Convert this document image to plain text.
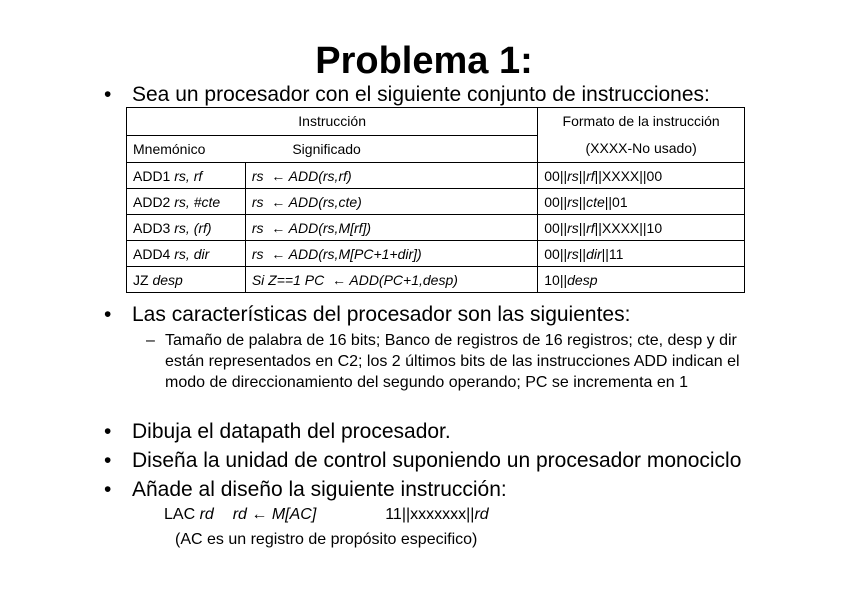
Problema 1:
• Sea un procesador con el siguiente conjunto de instrucciones:
Instrucción		Formato de la instrucción
(XXXX-No usado)
Mnemónico	Significado	
ADD1 rs, rf	rs ← ADD(rs,rf)	00||rs||rf||XXXX||00
ADD2 rs, #cte	rs ← ADD(rs,cte)	00||rs||cte||01
ADD3 rs, (rf)	rs ← ADD(rs,M[rf])	00||rs||rf||XXXX||10
ADD4 rs, dir	rs ← ADD(rs,M[PC+1+dir])	00||rs||dir||11
JZ desp	Si Z==1 PC ← ADD(PC+1,desp)	10||desp
• Las características del procesador son las siguientes:
– Tamaño de palabra de 16 bits; Banco de registros de 16 registros; cte, desp y dir están representados en C2; los 2 últimos bits de las instrucciones ADD indican el modo de direccionamiento del segundo operando; PC se incrementa en 1
• Dibuja el datapath del procesador.
• Diseña la unidad de control suponiendo un procesador monociclo
• Añade al diseño la siguiente instrucción:
LAC rd rd ← M[AC]	11||xxxxxxx||rd
(AC es un registro de propósito especifico)
